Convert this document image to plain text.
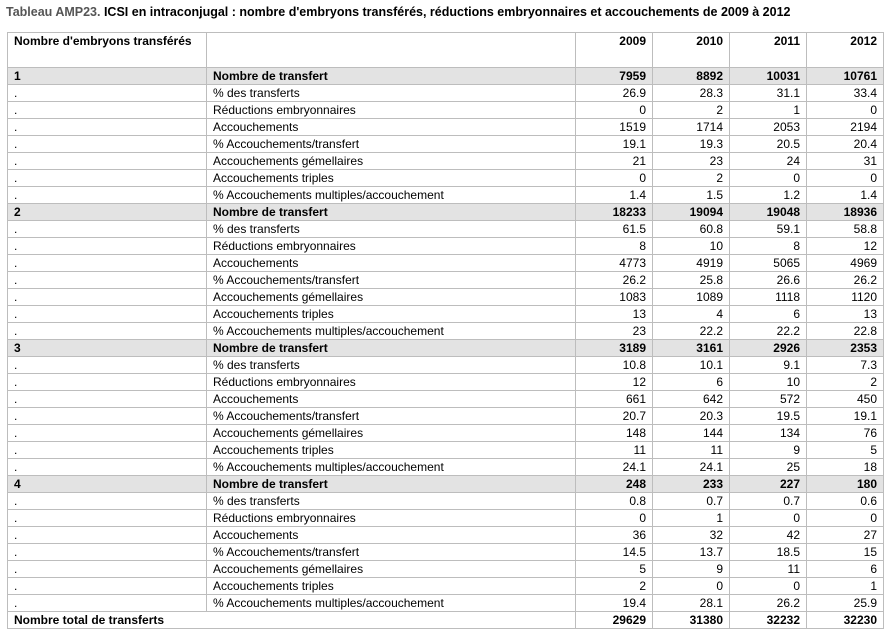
Tableau AMP23. ICSI en intraconjugal : nombre d'embryons transférés, réductions embryonnaires et accouchements de 2009 à 2012
Nombre d'embryons transférés		2009	2010	2011	2012
1	Nombre de transfert	7959	8892	10031	10761
.	% des transferts	26.9	28.3	31.1	33.4
.	Réductions embryonnaires	0	2	1	0
.	Accouchements	1519	1714	2053	2194
.	% Accouchements/transfert	19.1	19.3	20.5	20.4
.	Accouchements gémellaires	21	23	24	31
.	Accouchements triples	0	2	0	0
.	% Accouchements multiples/accouchement	1.4	1.5	1.2	1.4
2	Nombre de transfert	18233	19094	19048	18936
.	% des transferts	61.5	60.8	59.1	58.8
.	Réductions embryonnaires	8	10	8	12
.	Accouchements	4773	4919	5065	4969
.	% Accouchements/transfert	26.2	25.8	26.6	26.2
.	Accouchements gémellaires	1083	1089	1118	1120
.	Accouchements triples	13	4	6	13
.	% Accouchements multiples/accouchement	23	22.2	22.2	22.8
3	Nombre de transfert	3189	3161	2926	2353
.	% des transferts	10.8	10.1	9.1	7.3
.	Réductions embryonnaires	12	6	10	2
.	Accouchements	661	642	572	450
.	% Accouchements/transfert	20.7	20.3	19.5	19.1
.	Accouchements gémellaires	148	144	134	76
.	Accouchements triples	11	11	9	5
.	% Accouchements multiples/accouchement	24.1	24.1	25	18
4	Nombre de transfert	248	233	227	180
.	% des transferts	0.8	0.7	0.7	0.6
.	Réductions embryonnaires	0	1	0	0
.	Accouchements	36	32	42	27
.	% Accouchements/transfert	14.5	13.7	18.5	15
.	Accouchements gémellaires	5	9	11	6
.	Accouchements triples	2	0	0	1
.	% Accouchements multiples/accouchement	19.4	28.1	26.2	25.9
Nombre total de transferts		29629	31380	32232	32230
